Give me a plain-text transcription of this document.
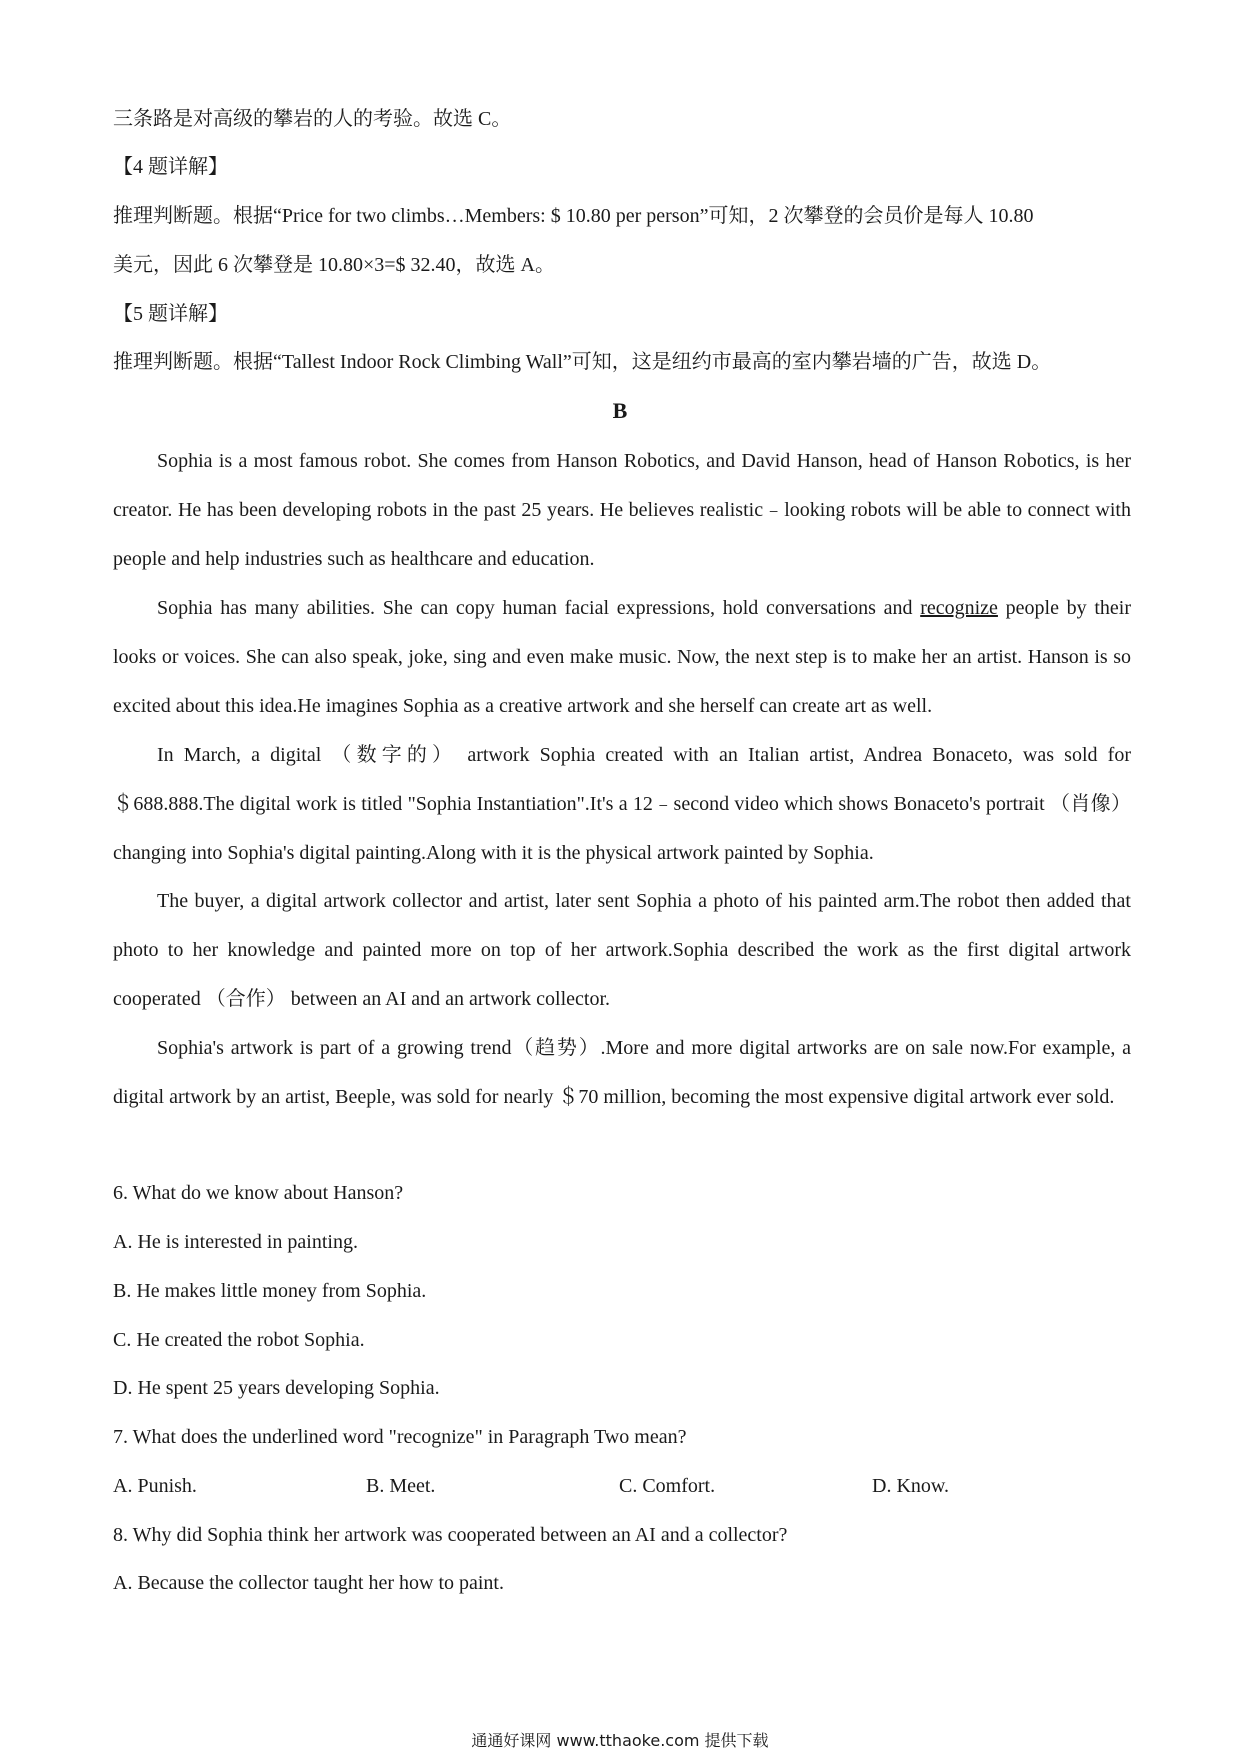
三条路是对高级的攀岩的人的考验。故选 C。
【4 题详解】
推理判断题。根据“Price for two climbs…Members: $ 10.80 per person”可知，2 次攀登的会员价是每人 10.80
美元，因此 6 次攀登是 10.80×3=$ 32.40，故选 A。
【5 题详解】
推理判断题。根据“Tallest Indoor Rock Climbing Wall”可知，这是纽约市最高的室内攀岩墙的广告，故选 D。
B

Sophia is a most famous robot. She comes from Hanson Robotics, and David Hanson, head of Hanson Robotics, is her creator. He has been developing robots in the past 25 years. He believes realistic﹣looking robots will be able to connect with people and help industries such as healthcare and education.

Sophia has many abilities. She can copy human facial expressions, hold conversations and recognize people by their looks or voices. She can also speak, joke, sing and even make music. Now, the next step is to make her an artist. Hanson is so excited about this idea.He imagines Sophia as a creative artwork and she herself can create art as well.

In March, a digital （数字的） artwork Sophia created with an Italian artist, Andrea Bonaceto, was sold for ＄688.888.The digital work is titled "Sophia Instantiation".It's a 12﹣second video which shows Bonaceto's portrait （肖像） changing into Sophia's digital painting.Along with it is the physical artwork painted by Sophia.

The buyer, a digital artwork collector and artist, later sent Sophia a photo of his painted arm.The robot then added that photo to her knowledge and painted more on top of her artwork.Sophia described the work as the first digital artwork cooperated （合作） between an AI and an artwork collector.

Sophia's artwork is part of a growing trend（趋势）.More and more digital artworks are on sale now.For example, a digital artwork by an artist, Beeple, was sold for nearly ＄70 million, becoming the most expensive digital artwork ever sold.

6. What do we know about Hanson?
A. He is interested in painting.
B. He makes little money from Sophia.
C. He created the robot Sophia.
D. He spent 25 years developing Sophia.
7. What does the underlined word "recognize" in Paragraph Two mean?
A. Punish.	B. Meet.	C. Comfort.	D. Know.
8. Why did Sophia think her artwork was cooperated between an AI and a collector?
A. Because the collector taught her how to paint.
通通好课网 www.tthaoke.com 提供下载
